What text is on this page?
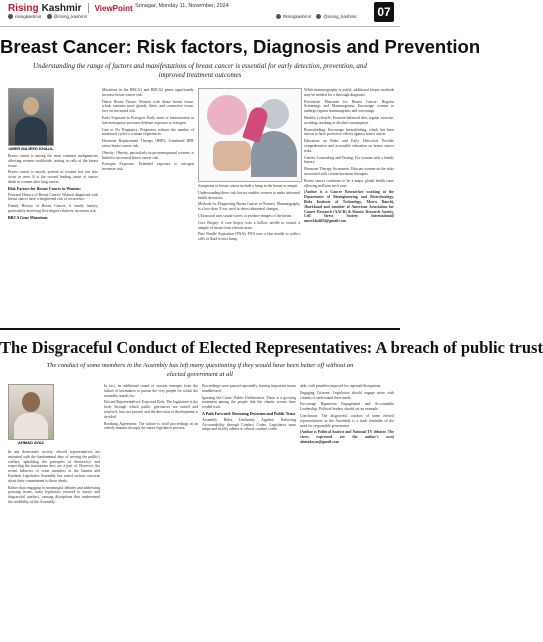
Rising Kashmir ViewPoint Srinagar, Monday 11, November, 2024
risingkashmir	@rising_kashmir	Risingkashmir	@rising_kashmir 07
Breast Cancer: Risk factors, Diagnosis and Prevention
Understanding the range of factors and manifestations of breast cancer is essential for early detection, prevention, and improved treatment outcomes
UMER MAJEED KHALIL

Breast cancer is among the most common malignancies affecting women worldwide, arising in cells of the breast tissue.

Breast cancer is mostly present in women but can also occur in men. It is the second leading cause of cancer death in women after lung cancer.

Risk Factors for Breast Cancer in Women:

Personal History of Breast Cancer: Women diagnosed with breast cancer have a heightened risk of recurrence.

Family History of Breast Cancer: A family history, particularly involving first-degree relatives, increases risk.

BRCA Gene Mutations

Mutations in the BRCA1 and BRCA2 genes significantly increase breast cancer risk.

Dense Breast Tissue: Women with dense breast tissue, which contains more glands, ducts, and connective tissue, face an increased risk.

Early Exposure to Estrogen: Early onset of menstruation or late menopause increases lifetime exposure to estrogen.

Late or No Pregnancy: Pregnancy reduces the number of menstrual cycles a woman experiences.

Hormone Replacement Therapy (HRT): Combined HRT raises breast cancer risk.

Obesity: Obesity, particularly in postmenopausal women, is linked to increased breast cancer risk.

Estrogen Exposure: Extended exposure to estrogen increases risk.

Symptoms of breast cancer include a lump in the breast or armpit.

Understanding these risk factors enables women to make informed health decisions.

Methods for Diagnosing Breast Cancer in Women: Mammography is a low-dose X-ray used to detect abnormal changes.

Ultrasound uses sound waves to produce images of the breast.

Core Biopsy: A core biopsy uses a hollow needle to extract a sample of tissue from a breast mass.

Fine Needle Aspiration (FNA): FNA uses a fine needle to collect cells or fluid from a lump.

While mammography is useful, additional biopsy methods may be needed for a thorough diagnosis.

Preventive Measures for Breast Cancer: Regular Screenings and Mammograms. Encourage women to undergo regular mammograms and screenings.

Healthy Lifestyle: Promote balanced diet, regular exercise, avoiding smoking or alcohol consumption.

Breastfeeding: Encourage breastfeeding, which has been shown to have protective effects against breast cancer.

Education on Risks and Early Detection: Provide comprehensive and accessible education on breast cancer risks.

Genetic Counseling and Testing: For women with a family history.

Hormone Therapy Awareness: Educate women on the risks associated with certain hormone therapies.

Breast cancer continues to be a major global health issue affecting millions each year.

(Author is a Cancer Researcher working at the Department of Bioengineering and Biotechnology, Birla Institute of Technology, Mesra Ranchi, Jharkhand and member of American Association for Cancer Research (AACR) & Kinetic Research Society, Cell Stress Society International) umerkhalil34@gmail.com

The Disgraceful Conduct of Elected Representatives: A breach of public trust
The conduct of some members in the Assembly has left many questioning if they would have been better off without an elected government at all
AHMAD AYAZ

In any democratic society, elected representatives are entrusted with the fundamental duty of serving the public's welfare, upholding the principles of democracy, and respecting the institutions they are a part of. However, the recent behavior of some members in the Jammu and Kashmir Legislative Assembly has raised serious concerns about their commitment to these ideals.

Rather than engaging in meaningful debates and addressing pressing issues, some legislators resorted to unruly and disgraceful conduct, causing disruptions that undermined the credibility of the Assembly.

In fact, an additional round of tension emerges from the failure of lawmakers to pursue the very people for which the assembly stands for.

Elected Representatives' Expected Role: The legislature is the body through which public grievances are raised and resolved, laws are passed, and the direction of development is decided.

Breaking Agreement: The failure to hold proceedings in an orderly manner disrupts the entire legislative process.

Proceedings were paused repeatedly, leaving important issues unaddressed.

Ignoring the Cause: Public Deliberation. There is a growing sentiment among the people that the chaotic scenes have eroded trust.

A Path Forward: Restoring Decorum and Public Trust

Assembly Rules Uniformly Applied. Enforcing Accountability through Conduct Codes. Legislators must adopt and strictly adhere to ethical conduct codes.

able, with penalties imposed for repeated disruptions.

Engaging Citizens: Legislators should engage more with citizens to understand their needs.

Encourage Bipartisan Engagement and Accountable Leadership: Political leaders should set an example.

Conclusion: The disgraceful conduct of some elected representatives in the Assembly is a stark reminder of the need for responsible governance.

(Author is Political Analyst and National TV debater. The views expressed are the author's own) ahmadayaz@gmail.com
